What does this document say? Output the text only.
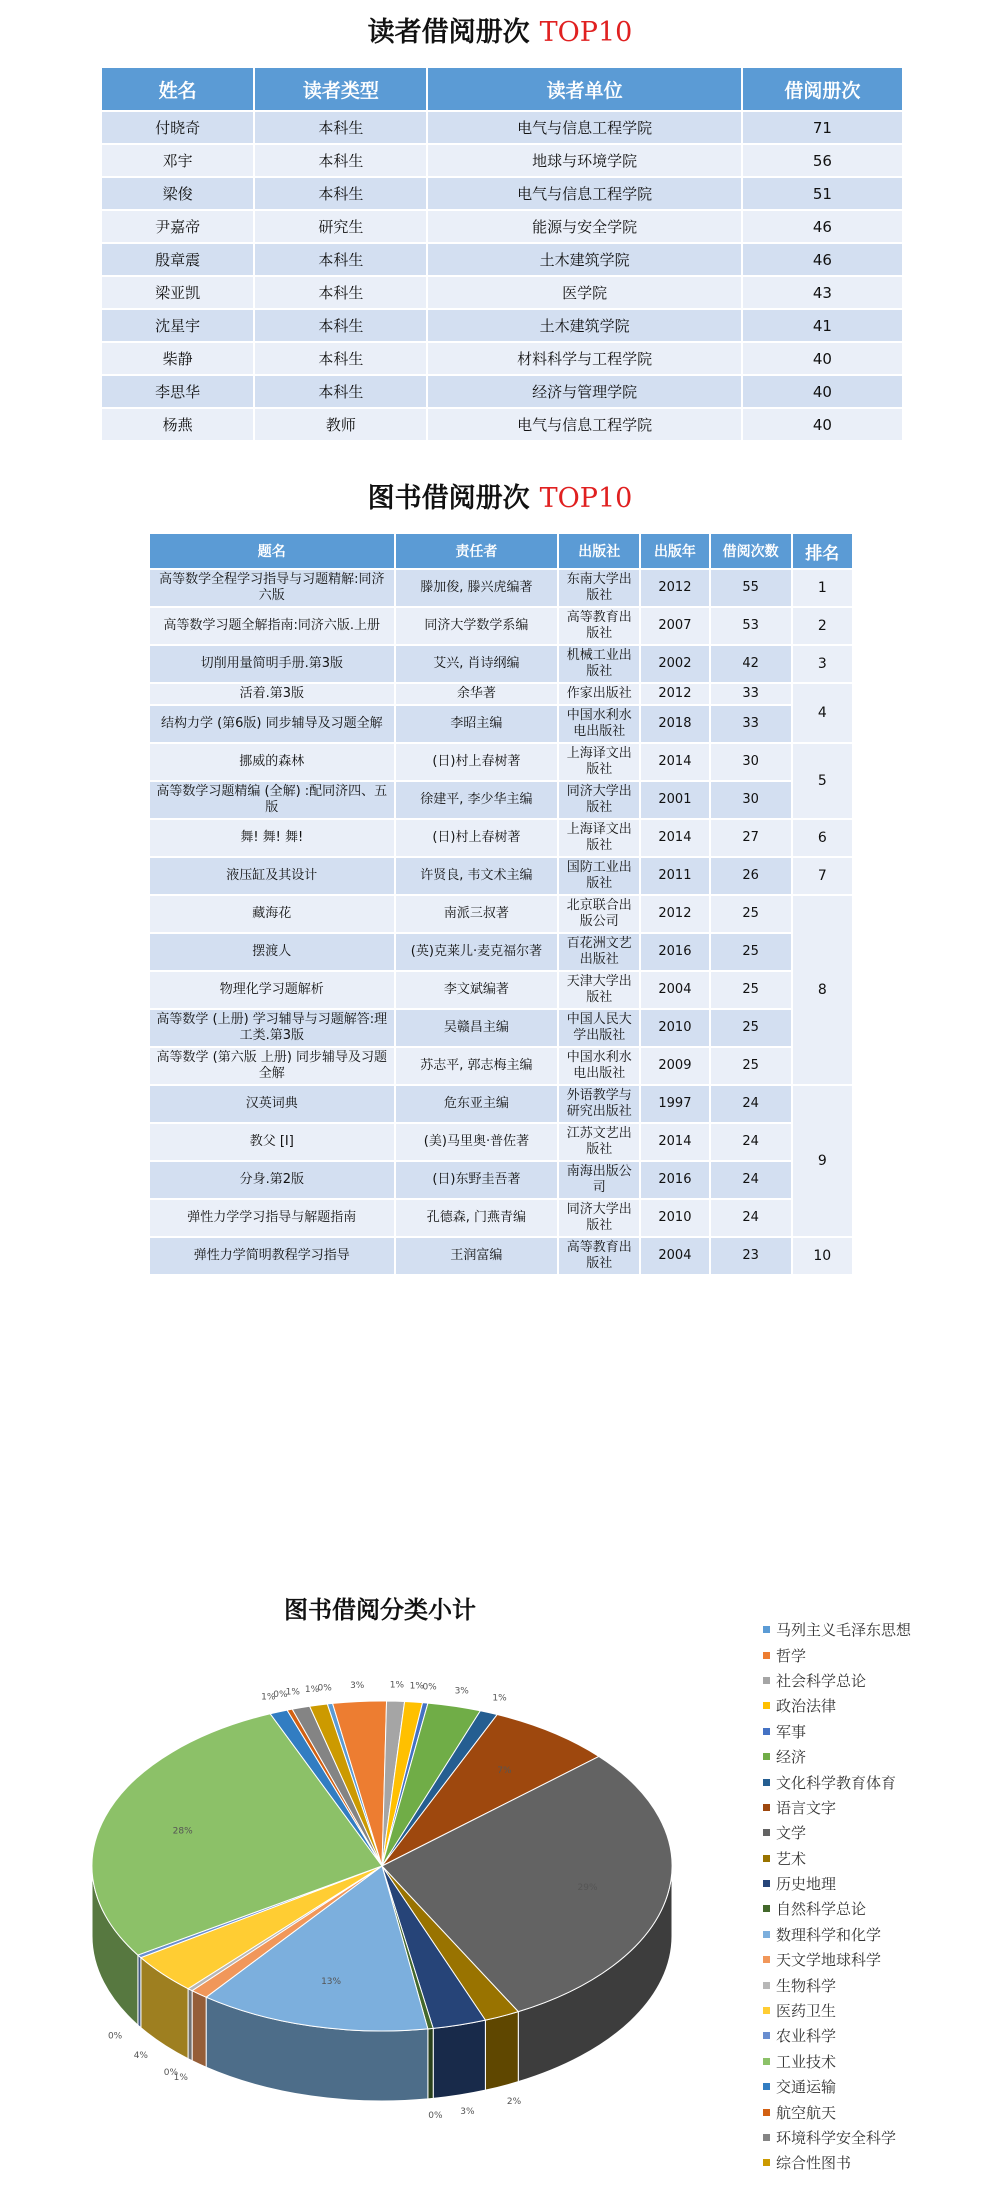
读者借阅册次 TOP10
姓名	读者类型	读者单位	借阅册次
付晓奇	本科生	电气与信息工程学院	71
邓宇	本科生	地球与环境学院	56
梁俊	本科生	电气与信息工程学院	51
尹嘉帝	研究生	能源与安全学院	46
殷章震	本科生	土木建筑学院	46
梁亚凯	本科生	医学院	43
沈星宇	本科生	土木建筑学院	41
柴静	本科生	材料科学与工程学院	40
李思华	本科生	经济与管理学院	40
杨燕	教师	电气与信息工程学院	40
图书借阅册次 TOP10
题名	责任者	出版社	出版年	借阅次数	排名
高等数学全程学习指导与习题精解:同济六版	滕加俊, 滕兴虎编著	东南大学出版社	2012	55	1
高等数学习题全解指南:同济六版.上册	同济大学数学系编	高等教育出版社	2007	53	2
切削用量简明手册.第3版	艾兴, 肖诗纲编	机械工业出版社	2002	42	3
活着.第3版	余华著	作家出版社	2012	33	4
结构力学 (第6版) 同步辅导及习题全解	李昭主编	中国水利水电出版社	2018	33	
挪威的森林	(日)村上春树著	上海译文出版社	2014	30	5
高等数学习题精编 (全解) :配同济四、五版	徐建平, 李少华主编	同济大学出版社	2001	30	
舞! 舞! 舞!	(日)村上春树著	上海译文出版社	2014	27	6
液压缸及其设计	许贤良, 韦文术主编	国防工业出版社	2011	26	7
藏海花	南派三叔著	北京联合出版公司	2012	25	8
摆渡人	(英)克莱儿·麦克福尔著	百花洲文艺出版社	2016	25	
物理化学习题解析	李文斌编著	天津大学出版社	2004	25	
高等数学 (上册) 学习辅导与习题解答:理工类.第3版	吴赣昌主编	中国人民大学出版社	2010	25	
高等数学 (第六版 上册) 同步辅导及习题全解	苏志平, 郭志梅主编	中国水利水电出版社	2009	25	
汉英词典	危东亚主编	外语教学与研究出版社	1997	24	9
教父 [Ⅰ]	(美)马里奥·普佐著	江苏文艺出版社	2014	24	
分身.第2版	(日)东野圭吾著	南海出版公司	2016	24	
弹性力学学习指导与解题指南	孔德森, 门燕青编	同济大学出版社	2010	24	
弹性力学简明教程学习指导	王润富编	高等教育出版社	2004	23	10
图书借阅分类小计
0% 3%	1% 1%
0% 3%
1%
7%
29%
2%
3%
0%
13%
1%
0%
4%
0%
28%
1%
0%
1% 1%
马列主义毛泽东思想
哲学
社会科学总论
政治法律
军事
经济
文化科学教育体育
语言文字
文学
艺术
历史地理
自然科学总论
数理科学和化学
天文学地球科学
生物科学
医药卫生
农业科学
工业技术
交通运输
航空航天
环境科学安全科学
综合性图书
